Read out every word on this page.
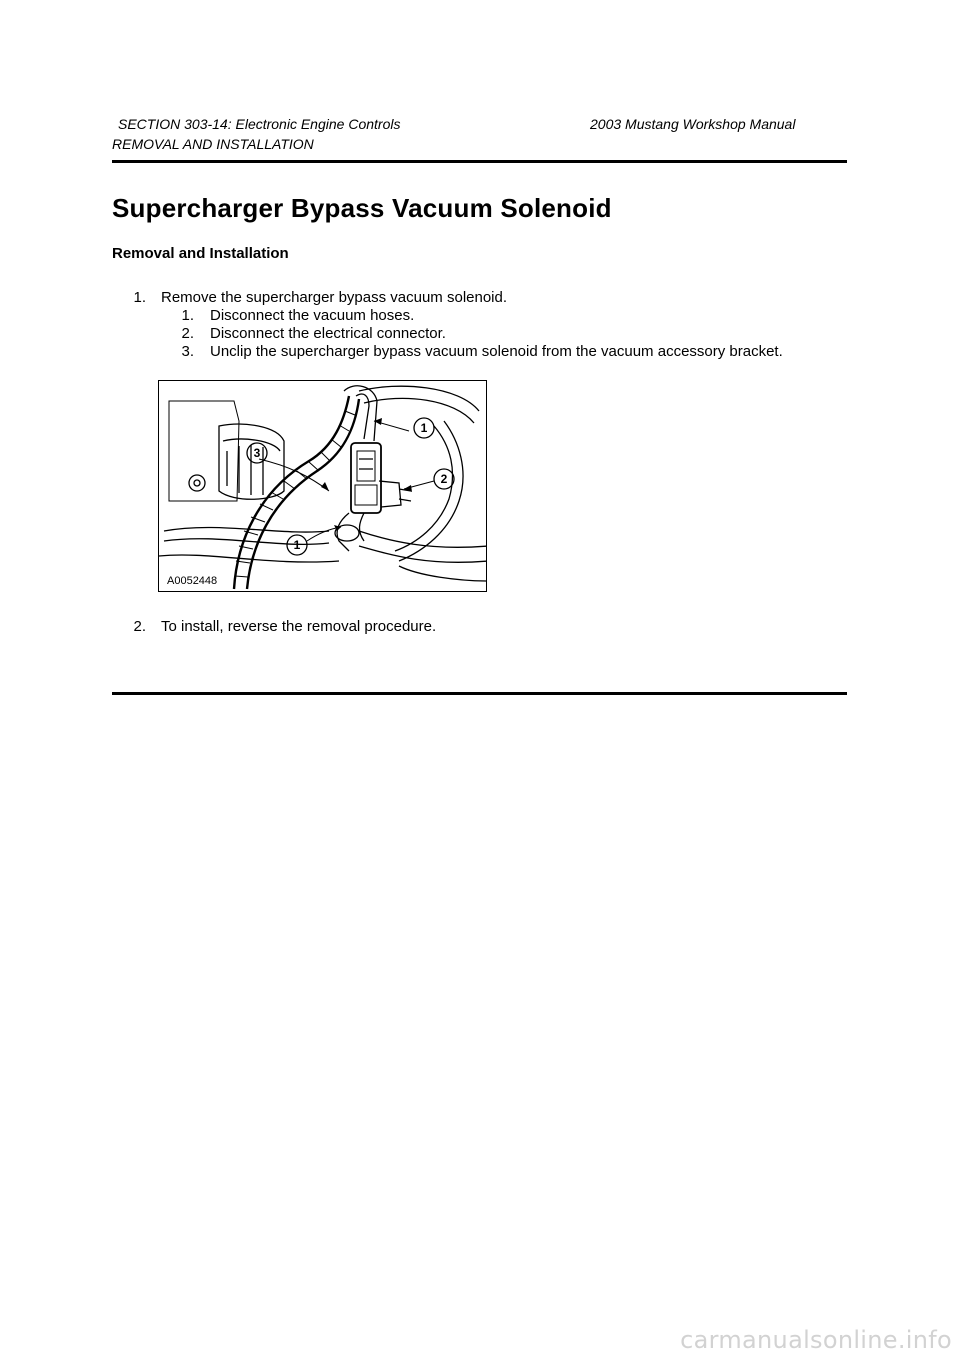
SECTION 303-14: Electronic Engine Controls	2003 Mustang Workshop Manual
REMOVAL AND INSTALLATION
Supercharger Bypass Vacuum Solenoid
Removal and Installation
1. Remove the supercharger bypass vacuum solenoid.
1. Disconnect the vacuum hoses.
2. Disconnect the electrical connector.
3. Unclip the supercharger bypass vacuum solenoid from the vacuum accessory bracket.
1
2
3
1
A0052448
2. To install, reverse the removal procedure.
carmanualsonline.info
